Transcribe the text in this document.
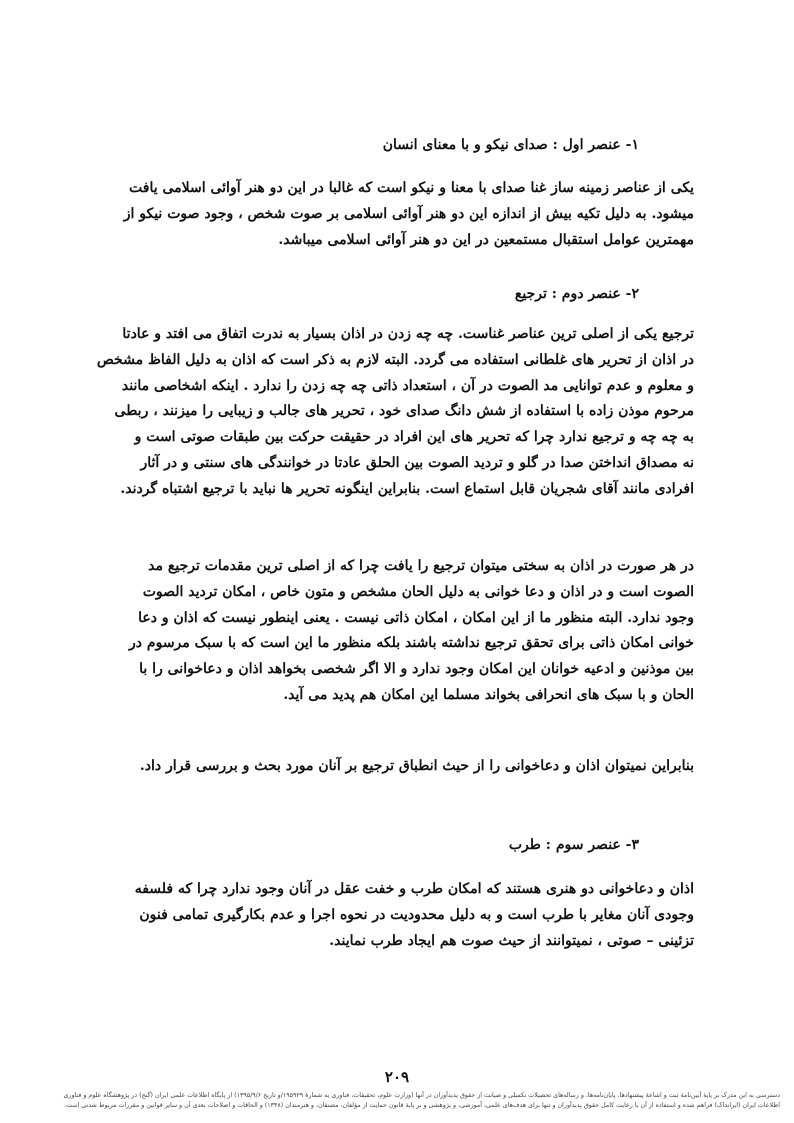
۱- عنصر اول : صدای نیکو و با معنای انسان
یکی از عناصر زمینه ساز غنا صدای با معنا و نیکو است که غالبا در این دو هنر آوائی اسلامی یافت
میشود. به دلیل تکیه بیش از اندازه این دو هنر آوائی اسلامی بر صوت شخص ، وجود صوت نیکو از
مهمترین عوامل استقبال مستمعین در این دو هنر آوائی اسلامی میباشد.
۲- عنصر دوم : ترجیع
ترجیع یکی از اصلی ترین عناصر غناست. چه چه زدن در اذان بسیار به ندرت اتفاق می افتد و عادتا
در اذان از تحریر های غلطانی استفاده می گردد. البته لازم به ذکر است که اذان به دلیل الفاظ مشخص
و معلوم و عدم توانایی مد الصوت در آن ، استعداد ذاتی چه چه زدن را ندارد . اینکه اشخاصی مانند
مرحوم موذن زاده با استفاده از شش دانگ صدای خود ، تحریر های جالب و زیبایی را میزنند ، ربطی
به چه چه و ترجیع ندارد چرا که تحریر های این افراد در حقیقت حرکت بین طبقات صوتی است و
نه مصداق انداختن صدا در گلو و تردید الصوت بین الحلق عادتا در خوانندگی های سنتی و در آثار
افرادی مانند آقای شجریان قابل استماع است. بنابراین اینگونه تحریر ها نباید با ترجیع اشتباه گردند.
در هر صورت در اذان به سختی میتوان ترجیع را یافت چرا که از اصلی ترین مقدمات ترجیع مد
الصوت است و در اذان و دعا خوانی به دلیل الحان مشخص و متون خاص ، امکان تردید الصوت
وجود ندارد. البته منظور ما از این امکان ، امکان ذاتی نیست . یعنی اینطور نیست که اذان و دعا
خوانی امکان ذاتی برای تحقق ترجیع نداشته باشند بلکه منظور ما این است که با سبک مرسوم در
بین موذنین و ادعیه خوانان این امکان وجود ندارد و الا اگر شخصی بخواهد اذان و دعاخوانی را با
الحان و با سبک های انحرافی بخواند مسلما این امکان هم پدید می آید.
بنابراین نمیتوان اذان و دعاخوانی را از حیث انطباق ترجیع بر آنان مورد بحث و بررسی قرار داد.
۳- عنصر سوم : طرب
اذان و دعاخوانی دو هنری هستند که امکان طرب و خفت عقل در آنان وجود ندارد چرا که فلسفه
وجودی آنان مغایر با طرب است و به دلیل محدودیت در نحوه اجرا و عدم بکارگیری تمامی فنون
تزئینی – صوتی ، نمیتوانند از حیث صوت هم ایجاد طرب نمایند.
۲۰۹
دسترسی به این مدرک بر پایهٔ آیین‌نامهٔ ثبت و اشاعهٔ پیشنهادها، پایان‌نامه‌ها، و رساله‌های تحصیلات تکمیلی و صیانت از حقوق پدیدآوران در آنها (وزارت علوم، تحقیقات، فناوری به شمارهٔ ۱۹۵۹۲۹/و تاریخ ۱۳۹۵/۹/۶) از پایگاه اطلاعات علمی ایران (گنج) در پژوهشگاه علوم و فناوری
اطلاعات ایران (ایرانداک) فراهم شده و استفاده از آن با رعایت کامل حقوق پدیدآوران و تنها برای هدف‌های علمی، آموزشی، و پژوهشی و بر پایهٔ قانون حمایت از مؤلفان، مصنفان، و هنرمندان (۱۳۴۸) و الحاقات و اصلاحات بعدی آن و سایر قوانین و مقررات مربوط شدنی است.
